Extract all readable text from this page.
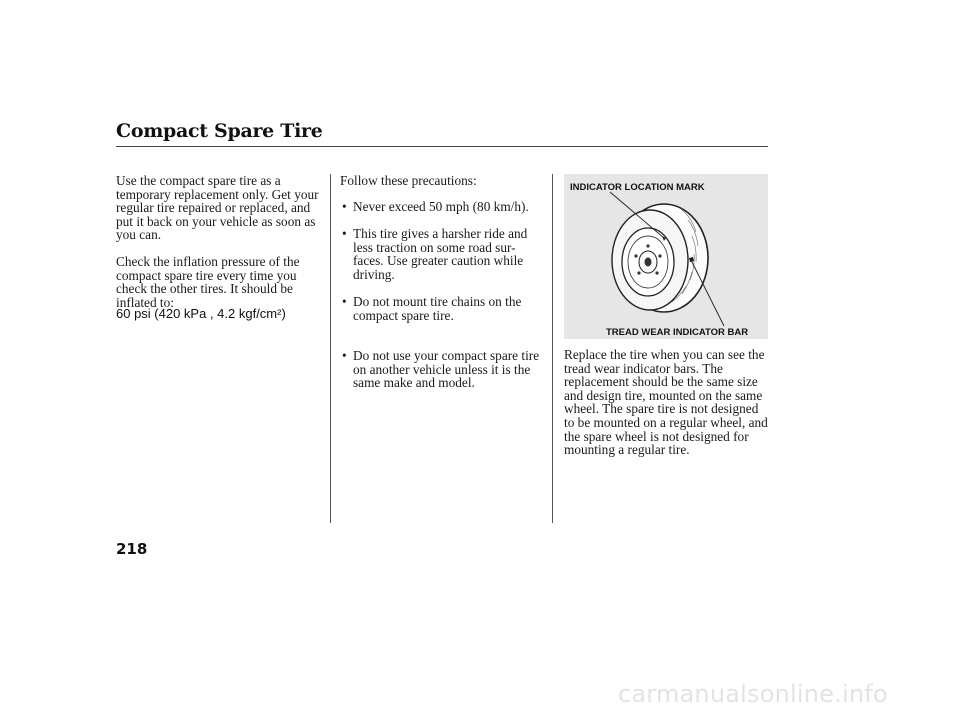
Compact Spare Tire

Use the compact spare tire as a temporary replacement only. Get your regular tire repaired or replaced, and put it back on your vehicle as soon as you can.

Check the inflation pressure of the compact spare tire every time you check the other tires. It should be inflated to:

60 psi (420 kPa , 4.2 kgf/cm²)

Follow these precautions:

• Never exceed 50 mph (80 km/h).
• This tire gives a harsher ride and less traction on some road sur- faces. Use greater caution while driving.
• Do not mount tire chains on the compact spare tire.
• Do not use your compact spare tire on another vehicle unless it is the same make and model.
INDICATOR LOCATION MARK
TREAD WEAR INDICATOR BAR

Replace the tire when you can see the tread wear indicator bars. The replacement should be the same size and design tire, mounted on the same wheel. The spare tire is not designed to be mounted on a regular wheel, and the spare wheel is not designed for mounting a regular tire.

218
carmanualsonline.info
